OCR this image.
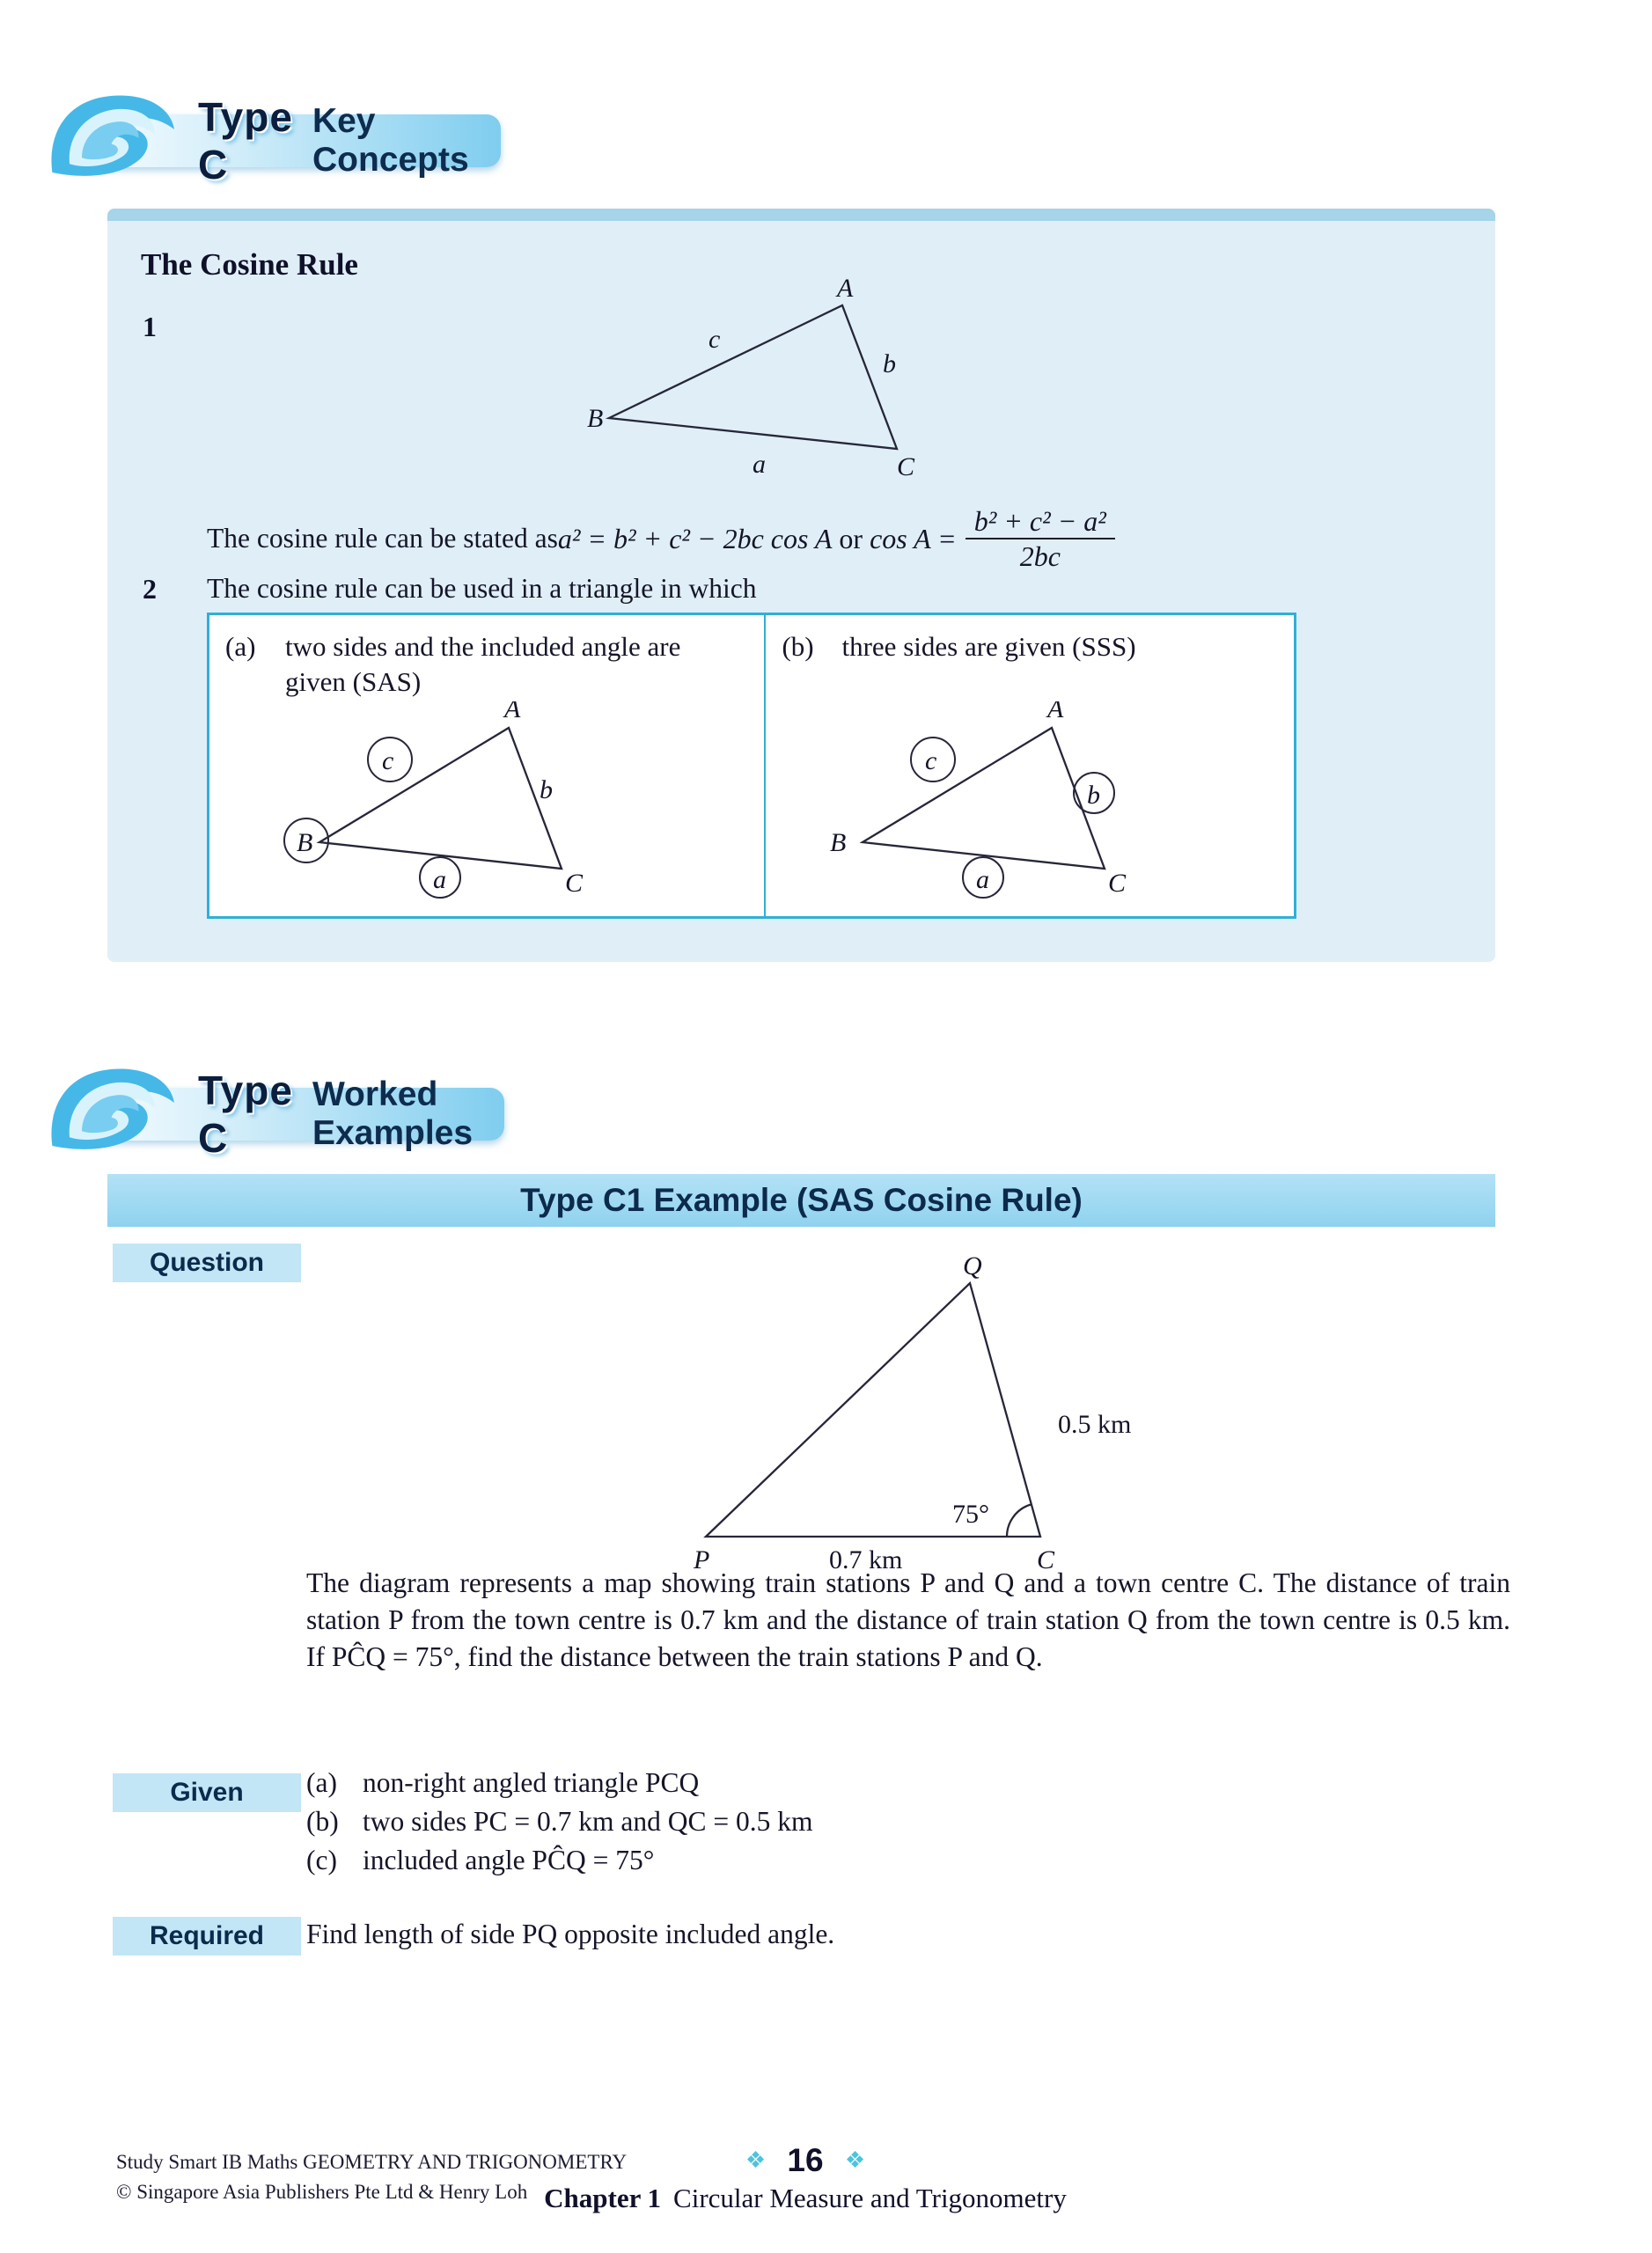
Type C
Key Concepts
The Cosine Rule
1
A
B
C
c
b
a
The cosine rule can be stated as a² = b² + c² − 2bc cos A or $\cos A = \frac{\text{b² + c² − a²}}{2bc}$
2 The cosine rule can be used in a triangle in which
(a)	two sides and the included angle are given (SAS)
c
b
B
a
A
C
(b)	three sides are given (SSS)
c
b
B
a
A
C
Type C
Worked Examples
Type C1 Example (SAS Cosine Rule)
Question	Q
P	C
0.5 km
0.7 km
75°
The diagram represents a map showing train stations P and Q and a town centre C. The distance of train station P from the town centre is 0.7 km and the distance of train station Q from the town centre is 0.5 km. If PĈQ = 75°, find the distance between the train stations P and Q.
Given	(a) non-right angled triangle PCQ
(b) two sides PC = 0.7 km and QC = 0.5 km
(c) included angle PĈQ = 75°
Required	Find length of side PQ opposite included angle.
Study Smart IB Maths GEOMETRY AND TRIGONOMETRY
© Singapore Asia Publishers Pte Ltd & Henry Loh
❖ 16 ❖
Chapter 1 Circular Measure and Trigonometry
